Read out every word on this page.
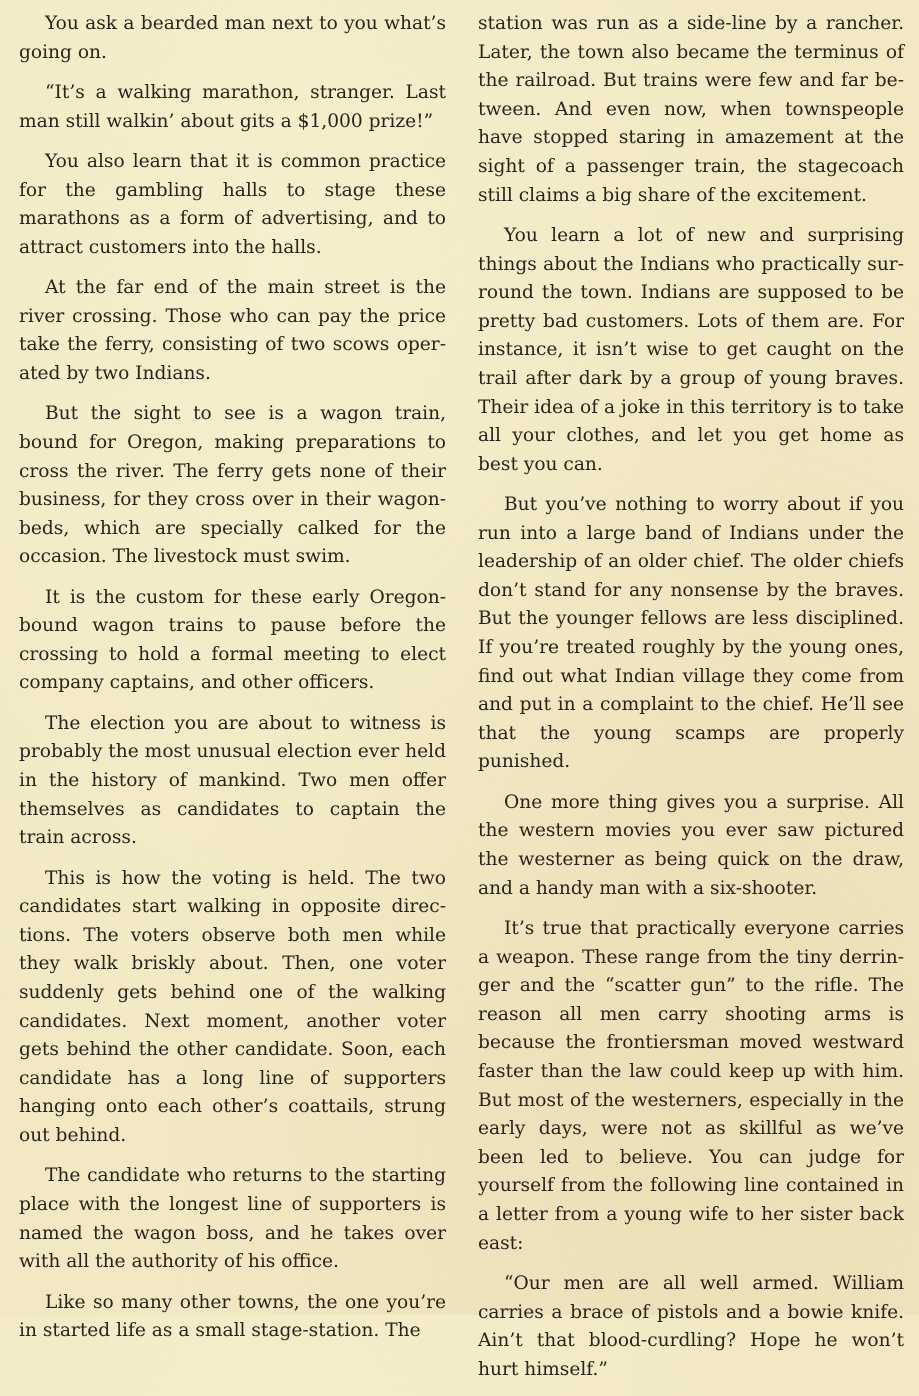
You ask a bearded man next to you what’s going on.

“It’s a walking marathon, stranger. Last man still walkin’ about gits a $1,000 prize!”

You also learn that it is common practice for the gambling halls to stage these marathons as a form of advertising, and to attract customers into the halls.

At the far end of the main street is the river crossing. Those who can pay the price take the ferry, consisting of two scows operated by two Indians.

But the sight to see is a wagon train, bound for Oregon, making preparations to cross the river. The ferry gets none of their business, for they cross over in their wagon-beds, which are specially calked for the occasion. The livestock must swim.

It is the custom for these early Oregon-bound wagon trains to pause before the crossing to hold a formal meeting to elect company captains, and other officers.

The election you are about to witness is probably the most unusual election ever held in the history of mankind. Two men offer themselves as candidates to captain the train across.

This is how the voting is held. The two candidates start walking in opposite directions. The voters observe both men while they walk briskly about. Then, one voter suddenly gets behind one of the walking candidates. Next moment, another voter gets behind the other candidate. Soon, each candidate has a long line of supporters hanging onto each other’s coattails, strung out behind.

The candidate who returns to the starting place with the longest line of supporters is named the wagon boss, and he takes over with all the authority of his office.

Like so many other towns, the one you’re in started life as a small stage-station. The

station was run as a side-line by a rancher. Later, the town also became the terminus of the railroad. But trains were few and far between. And even now, when townspeople have stopped staring in amazement at the sight of a passenger train, the stagecoach still claims a big share of the excitement.

You learn a lot of new and surprising things about the Indians who practically surround the town. Indians are supposed to be pretty bad customers. Lots of them are. For instance, it isn’t wise to get caught on the trail after dark by a group of young braves. Their idea of a joke in this territory is to take all your clothes, and let you get home as best you can.

But you’ve nothing to worry about if you run into a large band of Indians under the leadership of an older chief. The older chiefs don’t stand for any nonsense by the braves. But the younger fellows are less disciplined. If you’re treated roughly by the young ones, find out what Indian village they come from and put in a complaint to the chief. He’ll see that the young scamps are properly punished.

One more thing gives you a surprise. All the western movies you ever saw pictured the westerner as being quick on the draw, and a handy man with a six-shooter.

It’s true that practically everyone carries a weapon. These range from the tiny derringer and the “scatter gun” to the rifle. The reason all men carry shooting arms is because the frontiersman moved westward faster than the law could keep up with him. But most of the westerners, especially in the early days, were not as skillful as we’ve been led to believe. You can judge for yourself from the following line contained in a letter from a young wife to her sister back east:

“Our men are all well armed. William carries a brace of pistols and a bowie knife. Ain’t that blood-curdling? Hope he won’t hurt himself.”
